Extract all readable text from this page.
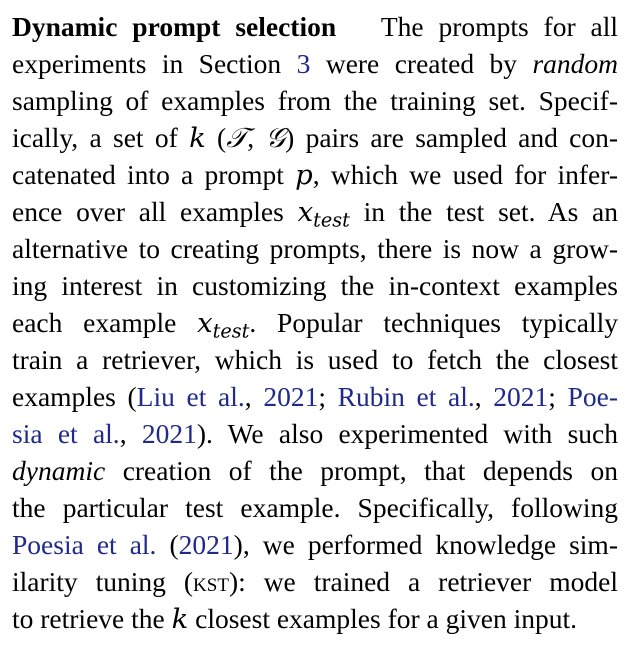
Dynamic prompt selection The prompts for all
experiments in Section 3 were created by random
sampling of examples from the training set. Specif-
ically, a set of k (𝒯, 𝒢) pairs are sampled and con-
catenated into a prompt p, which we used for infer-
ence over all examples $x_{test}$ in the test set. As an
alternative to creating prompts, there is now a grow-
ing interest in customizing the in-context examples
each example $x_{test}$. Popular techniques typically
train a retriever, which is used to fetch the closest
examples (Liu et al., 2021; Rubin et al., 2021; Poe-
sia et al., 2021). We also experimented with such
dynamic creation of the prompt, that depends on
the particular test example. Specifically, following
Poesia et al. (2021), we performed knowledge sim-
ilarity tuning (kst): we trained a retriever model
to retrieve the k closest examples for a given input.
